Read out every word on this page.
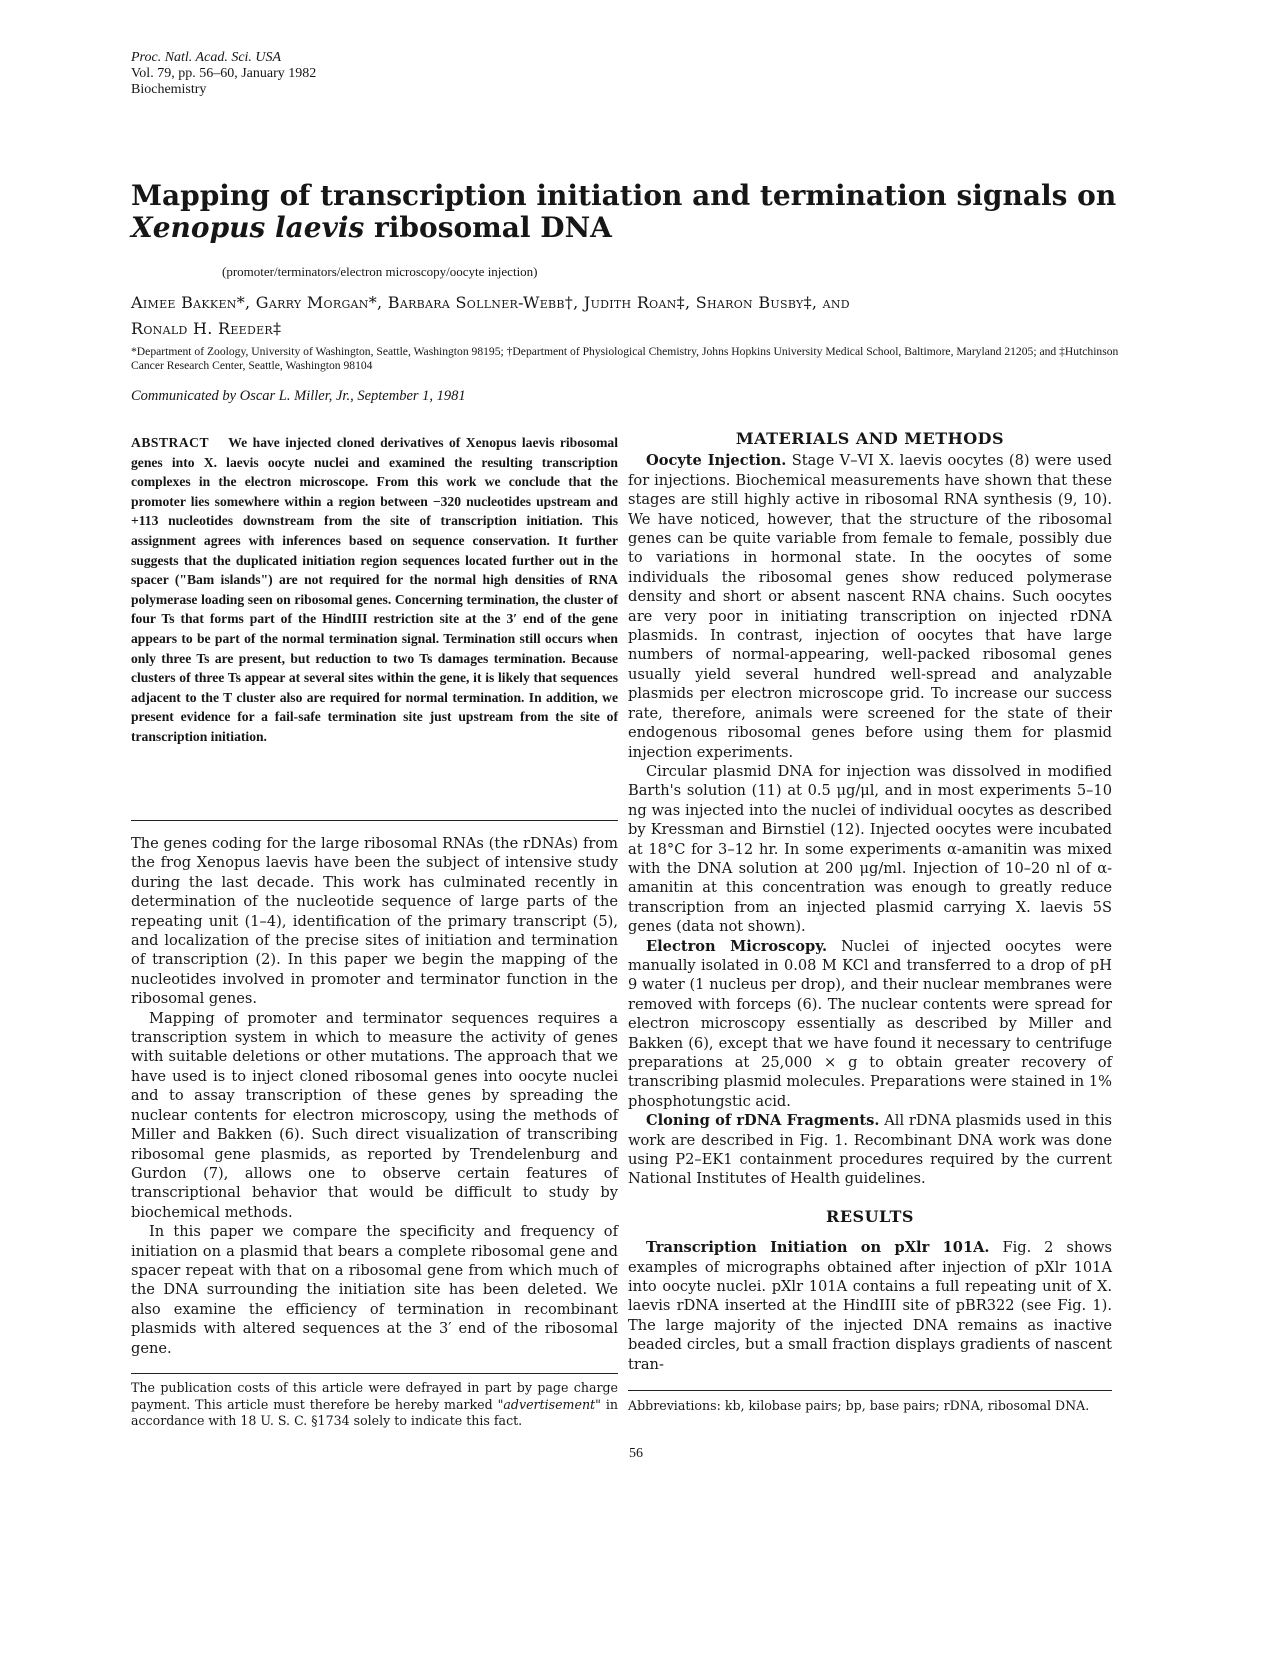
Proc. Natl. Acad. Sci. USA
Vol. 79, pp. 56–60, January 1982
Biochemistry
Mapping of transcription initiation and termination signals on
Xenopus laevis ribosomal DNA
(promoter/terminators/electron microscopy/oocyte injection)
Aimee Bakken*, Garry Morgan*, Barbara Sollner-Webb†, Judith Roan‡, Sharon Busby‡, and
Ronald H. Reeder‡
*Department of Zoology, University of Washington, Seattle, Washington 98195; †Department of Physiological Chemistry, Johns Hopkins University Medical School, Baltimore, Maryland 21205; and ‡Hutchinson Cancer Research Center, Seattle, Washington 98104
Communicated by Oscar L. Miller, Jr., September 1, 1981
ABSTRACT We have injected cloned derivatives of Xenopus laevis ribosomal genes into X. laevis oocyte nuclei and examined the resulting transcription complexes in the electron microscope. From this work we conclude that the promoter lies somewhere within a region between −320 nucleotides upstream and +113 nucleotides downstream from the site of transcription initiation. This assignment agrees with inferences based on sequence conservation. It further suggests that the duplicated initiation region sequences located further out in the spacer ("Bam islands") are not required for the normal high densities of RNA polymerase loading seen on ribosomal genes. Concerning termination, the cluster of four Ts that forms part of the HindIII restriction site at the 3′ end of the gene appears to be part of the normal termination signal. Termination still occurs when only three Ts are present, but reduction to two Ts damages termination. Because clusters of three Ts appear at several sites within the gene, it is likely that sequences adjacent to the T cluster also are required for normal termination. In addition, we present evidence for a fail-safe termination site just upstream from the site of transcription initiation.

The genes coding for the large ribosomal RNAs (the rDNAs) from the frog Xenopus laevis have been the subject of intensive study during the last decade. This work has culminated recently in determination of the nucleotide sequence of large parts of the repeating unit (1–4), identification of the primary transcript (5), and localization of the precise sites of initiation and termination of transcription (2). In this paper we begin the mapping of the nucleotides involved in promoter and terminator function in the ribosomal genes.

Mapping of promoter and terminator sequences requires a transcription system in which to measure the activity of genes with suitable deletions or other mutations. The approach that we have used is to inject cloned ribosomal genes into oocyte nuclei and to assay transcription of these genes by spreading the nuclear contents for electron microscopy, using the methods of Miller and Bakken (6). Such direct visualization of transcribing ribosomal gene plasmids, as reported by Trendelenburg and Gurdon (7), allows one to observe certain features of transcriptional behavior that would be difficult to study by biochemical methods.

In this paper we compare the specificity and frequency of initiation on a plasmid that bears a complete ribosomal gene and spacer repeat with that on a ribosomal gene from which much of the DNA surrounding the initiation site has been deleted. We also examine the efficiency of termination in recombinant plasmids with altered sequences at the 3′ end of the ribosomal gene.

The publication costs of this article were defrayed in part by page charge payment. This article must therefore be hereby marked "advertisement" in accordance with 18 U. S. C. §1734 solely to indicate this fact.
56
MATERIALS AND METHODS

Oocyte Injection. Stage V–VI X. laevis oocytes (8) were used for injections. Biochemical measurements have shown that these stages are still highly active in ribosomal RNA synthesis (9, 10). We have noticed, however, that the structure of the ribosomal genes can be quite variable from female to female, possibly due to variations in hormonal state. In the oocytes of some individuals the ribosomal genes show reduced polymerase density and short or absent nascent RNA chains. Such oocytes are very poor in initiating transcription on injected rDNA plasmids. In contrast, injection of oocytes that have large numbers of normal-appearing, well-packed ribosomal genes usually yield several hundred well-spread and analyzable plasmids per electron microscope grid. To increase our success rate, therefore, animals were screened for the state of their endogenous ribosomal genes before using them for plasmid injection experiments.

Circular plasmid DNA for injection was dissolved in modified Barth's solution (11) at 0.5 μg/μl, and in most experiments 5–10 ng was injected into the nuclei of individual oocytes as described by Kressman and Birnstiel (12). Injected oocytes were incubated at 18°C for 3–12 hr. In some experiments α-amanitin was mixed with the DNA solution at 200 μg/ml. Injection of 10–20 nl of α-amanitin at this concentration was enough to greatly reduce transcription from an injected plasmid carrying X. laevis 5S genes (data not shown).

Electron Microscopy. Nuclei of injected oocytes were manually isolated in 0.08 M KCl and transferred to a drop of pH 9 water (1 nucleus per drop), and their nuclear membranes were removed with forceps (6). The nuclear contents were spread for electron microscopy essentially as described by Miller and Bakken (6), except that we have found it necessary to centrifuge preparations at 25,000 × g to obtain greater recovery of transcribing plasmid molecules. Preparations were stained in 1% phosphotungstic acid.

Cloning of rDNA Fragments. All rDNA plasmids used in this work are described in Fig. 1. Recombinant DNA work was done using P2–EK1 containment procedures required by the current National Institutes of Health guidelines.

RESULTS

Transcription Initiation on pXlr 101A. Fig. 2 shows examples of micrographs obtained after injection of pXlr 101A into oocyte nuclei. pXlr 101A contains a full repeating unit of X. laevis rDNA inserted at the HindIII site of pBR322 (see Fig. 1). The large majority of the injected DNA remains as inactive beaded circles, but a small fraction displays gradients of nascent tran-

Abbreviations: kb, kilobase pairs; bp, base pairs; rDNA, ribosomal DNA.
